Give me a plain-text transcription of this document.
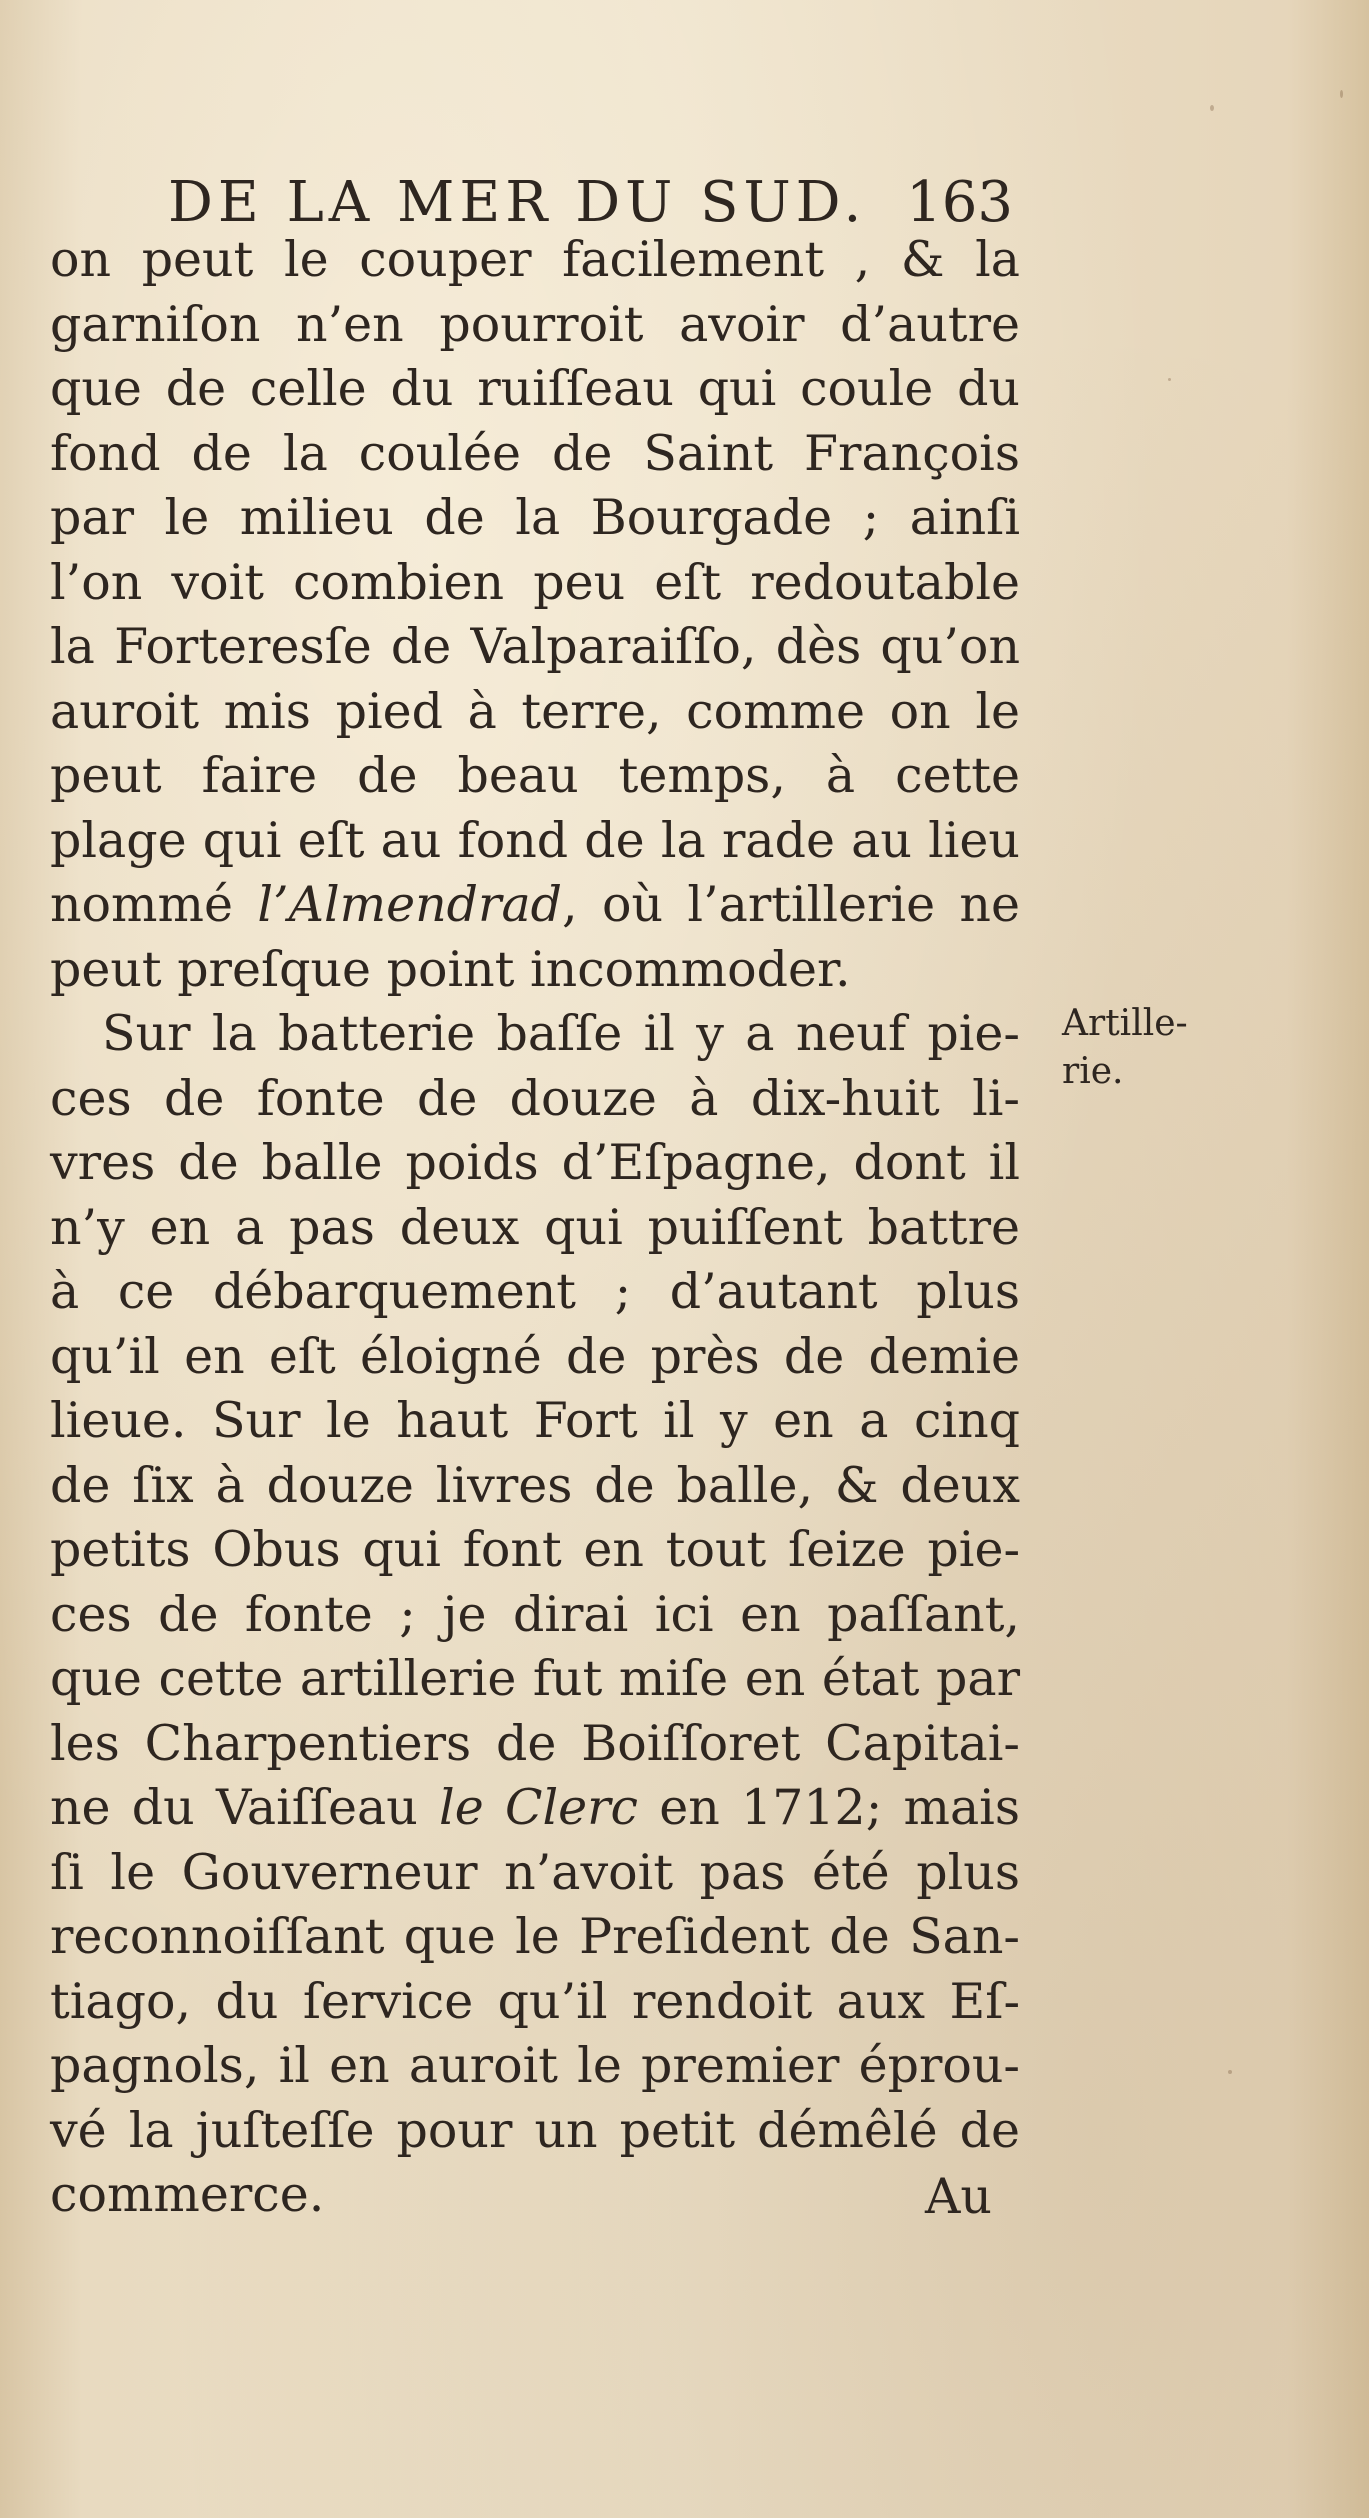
DE LA MER DU SUD. 163
on peut le couper facilement , & la
garniſon n’en pourroit avoir d’autre
que de celle du ruiſſeau qui coule du
fond de la coulée de Saint François
par le milieu de la Bourgade ; ainſi
l’on voit combien peu eſt redoutable
la Forteresſe de Valparaiſſo, dès qu’on
auroit mis pied à terre, comme on le
peut faire de beau temps, à cette
plage qui eſt au fond de la rade au lieu
nommé l’Almendrad, où l’artillerie ne
peut preſque point incommoder.
Sur la batterie baſſe il y a neuf pie-
ces de fonte de douze à dix-huit li-
vres de balle poids d’Eſpagne, dont il
n’y en a pas deux qui puiſſent battre
à ce débarquement ; d’autant plus
qu’il en eſt éloigné de près de demie
lieue. Sur le haut Fort il y en a cinq
de ſix à douze livres de balle, & deux
petits Obus qui font en tout ſeize pie-
ces de fonte ; je dirai ici en paſſant,
que cette artillerie fut miſe en état par
les Charpentiers de Boiſſoret Capitai-
ne du Vaiſſeau le Clerc en 1712; mais
ſi le Gouverneur n’avoit pas été plus
reconnoiſſant que le Preſident de San-
tiago, du ſervice qu’il rendoit aux Eſ-
pagnols, il en auroit le premier éprou-
vé la juſteſſe pour un petit démêlé de
commerce.	Au
Artille-
rie.
